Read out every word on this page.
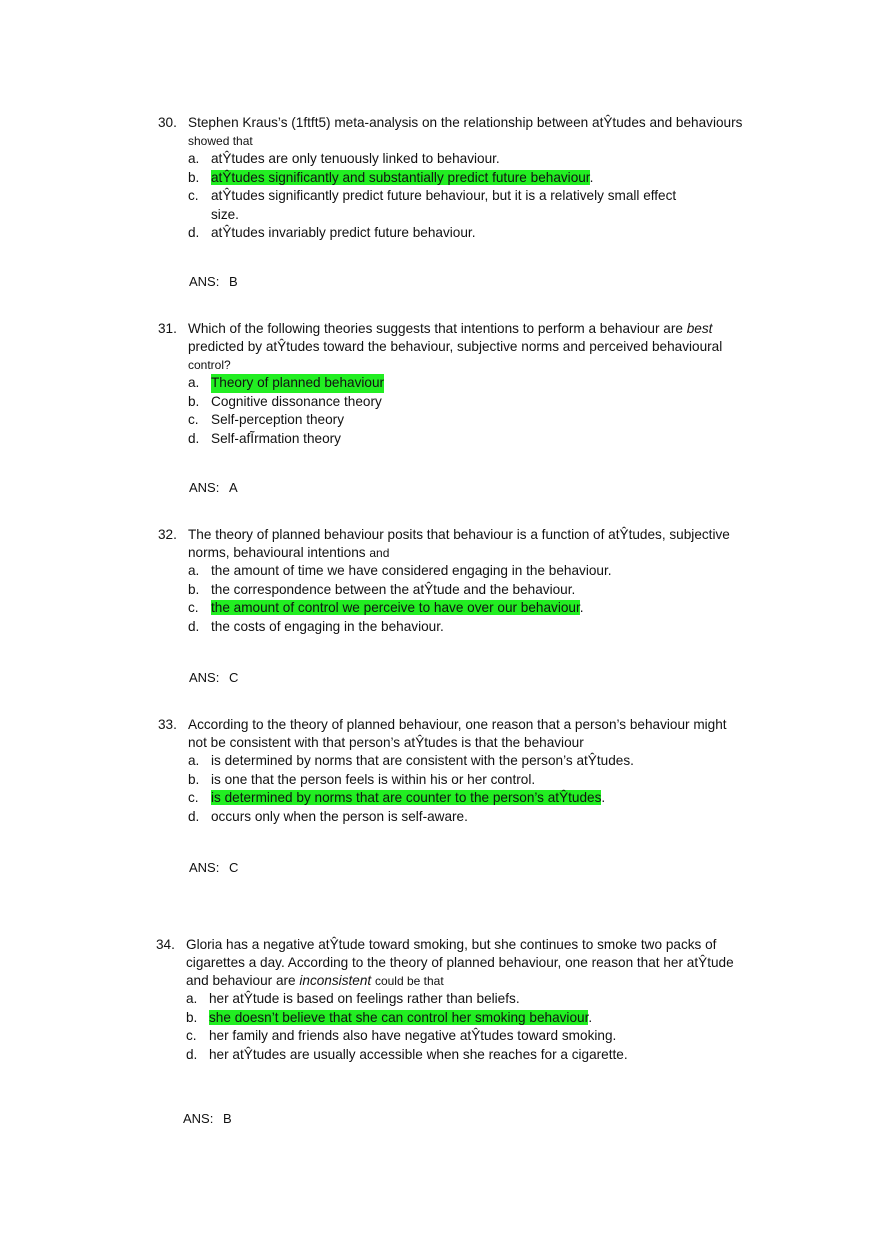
30. Stephen Kraus’s (1ftft5) meta-analysis on the relationship between atŶtudes and behaviours
showed that
a. atŶtudes are only tenuously linked to behaviour.
b. atŶtudes significantly and substantially predict future behaviour.
c. atŶtudes significantly predict future behaviour, but it is a relatively small effect
size.
d. atŶtudes invariably predict future behaviour.
ANS: B
31. Which of the following theories suggests that intentions to perform a behaviour are best
predicted by atŶtudes toward the behaviour, subjective norms and perceived behavioural
control?
a. Theory of planned behaviour
b. Cognitive dissonance theory
c. Self-perception theory
d. Self-afĨrmation theory
ANS: A
32. The theory of planned behaviour posits that behaviour is a function of atŶtudes, subjective
norms, behavioural intentions and
a. the amount of time we have considered engaging in the behaviour.
b. the correspondence between the atŶtude and the behaviour.
c. the amount of control we perceive to have over our behaviour.
d. the costs of engaging in the behaviour.
ANS: C
33. According to the theory of planned behaviour, one reason that a person’s behaviour might
not be consistent with that person’s atŶtudes is that the behaviour
a. is determined by norms that are consistent with the person’s atŶtudes.
b. is one that the person feels is within his or her control.
c. is determined by norms that are counter to the person’s atŶtudes.
d. occurs only when the person is self-aware.
ANS: C
34. Gloria has a negative atŶtude toward smoking, but she continues to smoke two packs of
cigarettes a day. According to the theory of planned behaviour, one reason that her atŶtude
and behaviour are inconsistent could be that
a. her atŶtude is based on feelings rather than beliefs.
b. she doesn’t believe that she can control her smoking behaviour.
c. her family and friends also have negative atŶtudes toward smoking.
d. her atŶtudes are usually accessible when she reaches for a cigarette.
ANS: B
